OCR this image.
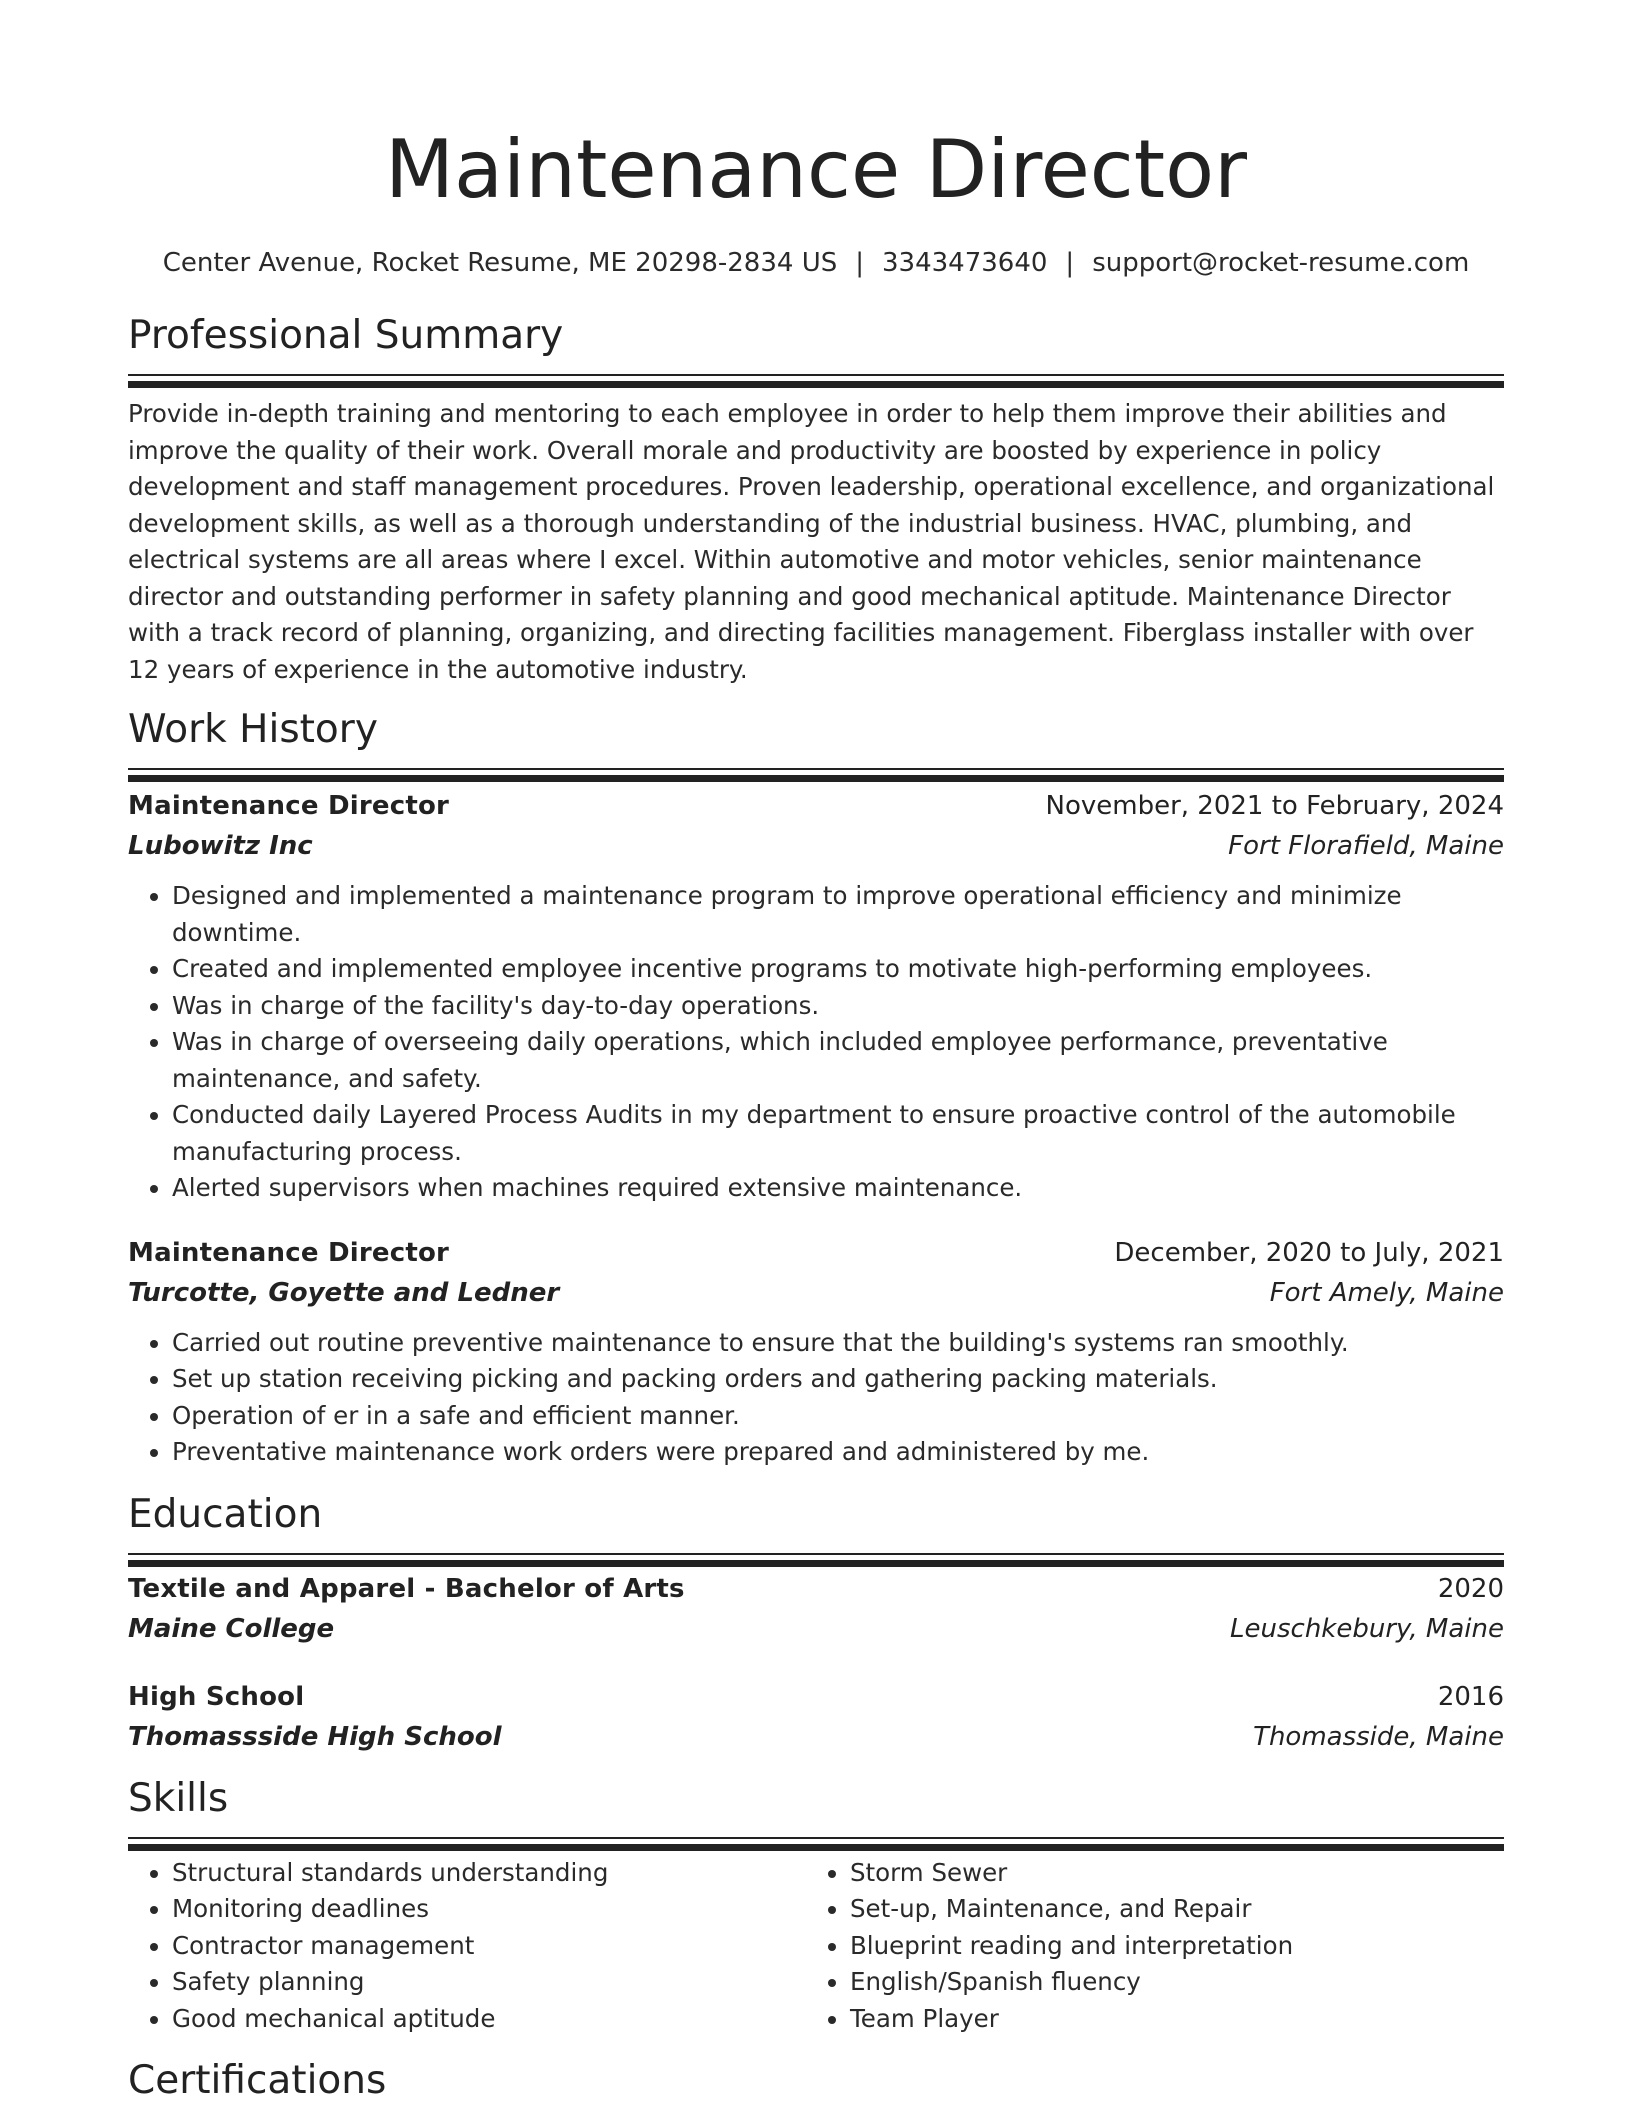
Maintenance Director
Center Avenue, Rocket Resume, ME 20298-2834 US | 3343473640 | support@rocket-resume.com
Professional Summary

Provide in-depth training and mentoring to each employee in order to help them improve their abilities and improve the quality of their work. Overall morale and productivity are boosted by experience in policy development and staff management procedures. Proven leadership, operational excellence, and organizational development skills, as well as a thorough understanding of the industrial business. HVAC, plumbing, and electrical systems are all areas where I excel. Within automotive and motor vehicles, senior maintenance director and outstanding performer in safety planning and good mechanical aptitude. Maintenance Director with a track record of planning, organizing, and directing facilities management. Fiberglass installer with over 12 years of experience in the automotive industry.

Work History
Maintenance Director	November, 2021 to February, 2024
Lubowitz Inc	Fort Florafield, Maine
• Designed and implemented a maintenance program to improve operational efficiency and minimize downtime.
• Created and implemented employee incentive programs to motivate high-performing employees.
• Was in charge of the facility's day-to-day operations.
• Was in charge of overseeing daily operations, which included employee performance, preventative maintenance, and safety.
• Conducted daily Layered Process Audits in my department to ensure proactive control of the automobile manufacturing process.
• Alerted supervisors when machines required extensive maintenance.
Maintenance Director	December, 2020 to July, 2021
Turcotte, Goyette and Ledner	Fort Amely, Maine
• Carried out routine preventive maintenance to ensure that the building's systems ran smoothly.
• Set up station receiving picking and packing orders and gathering packing materials.
• Operation of er in a safe and efficient manner.
• Preventative maintenance work orders were prepared and administered by me.
Education
Textile and Apparel - Bachelor of Arts	2020
Maine College	Leuschkebury, Maine
High School	2016
Thomassside High School	Thomasside, Maine
Skills
• Structural standards understanding
• Monitoring deadlines
• Contractor management
• Safety planning
• Good mechanical aptitude
• Storm Sewer
• Set-up, Maintenance, and Repair
• Blueprint reading and interpretation
• English/Spanish fluency
• Team Player
Certifications
